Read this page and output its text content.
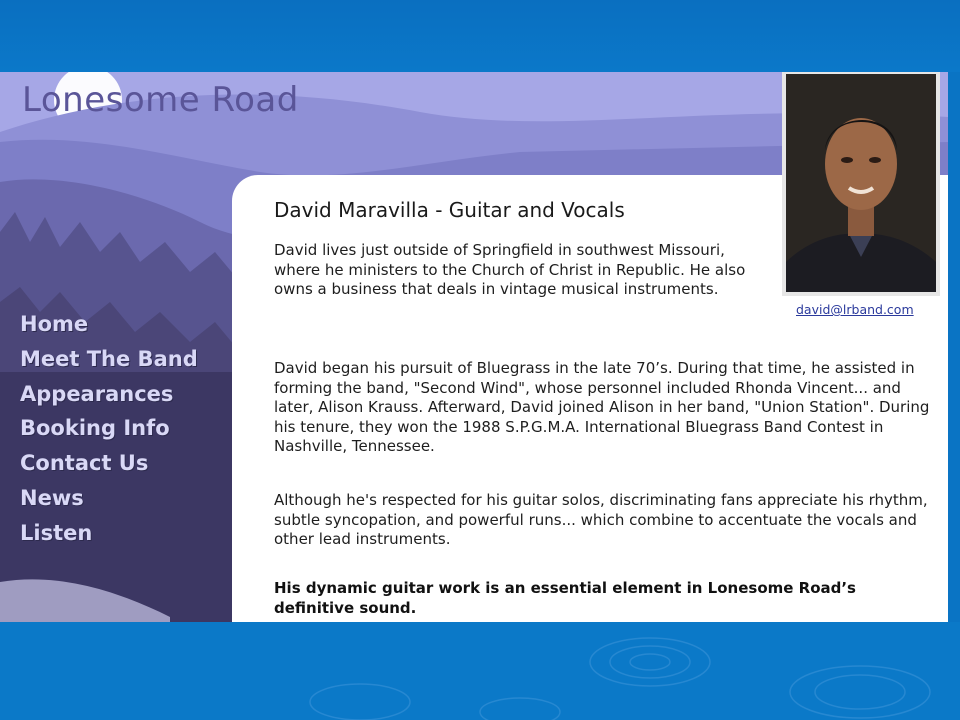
Lonesome Road
Home
Meet The Band
Appearances
Booking Info
Contact Us
News
Listen
David Maravilla - Guitar and Vocals

David lives just outside of Springfield in southwest Missouri, where he ministers to the Church of Christ in Republic. He also owns a business that deals in vintage musical instruments.

David began his pursuit of Bluegrass in the late 70’s. During that time, he assisted in forming the band, "Second Wind", whose personnel included Rhonda Vincent... and later, Alison Krauss. Afterward, David joined Alison in her band, "Union Station". During his tenure, they won the 1988 S.P.G.M.A. International Bluegrass Band Contest in Nashville, Tennessee.

Although he's respected for his guitar solos, discriminating fans appreciate his rhythm, subtle syncopation, and powerful runs... which combine to accentuate the vocals and other lead instruments.

His dynamic guitar work is an essential element in Lonesome Road’s definitive sound.

david@lrband.com
